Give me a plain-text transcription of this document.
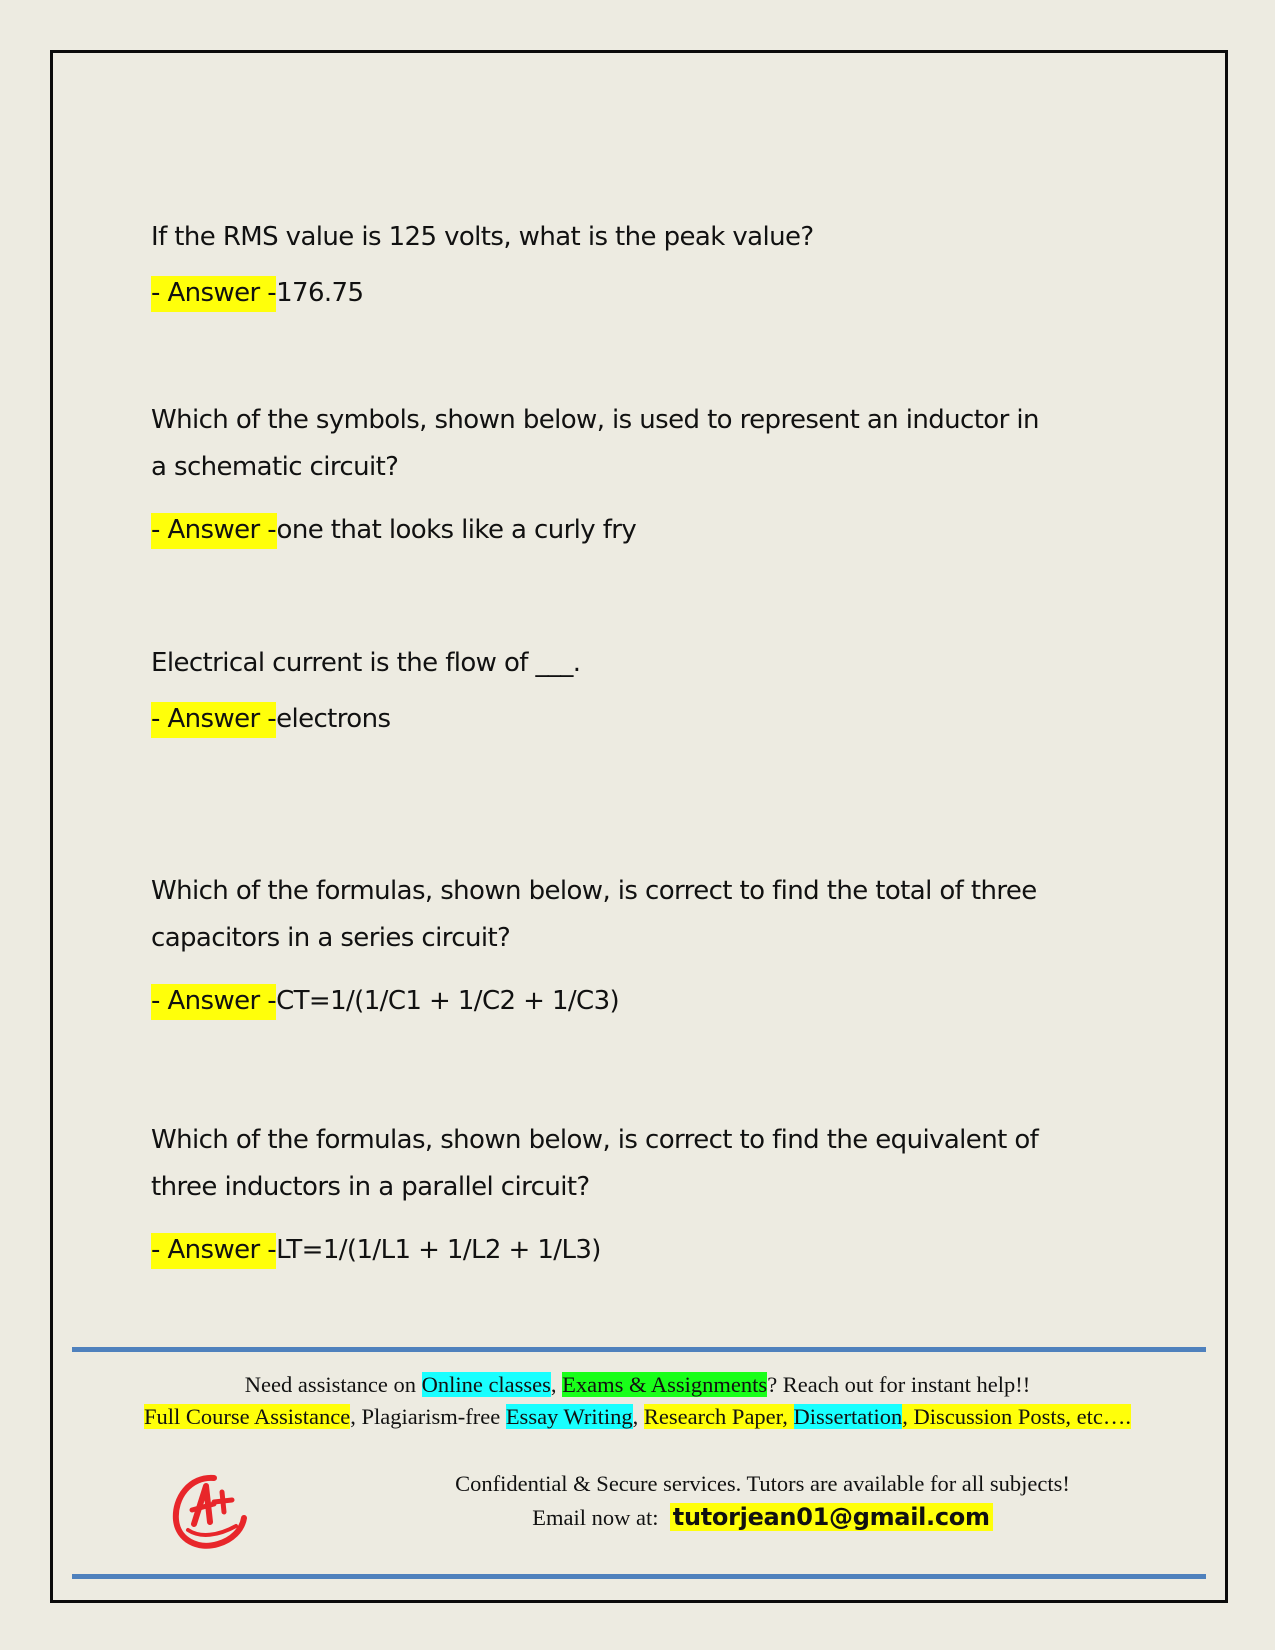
If the RMS value is 125 volts, what is the peak value?

- Answer -176.75

Which of the symbols, shown below, is used to represent an inductor in

a schematic circuit?

- Answer -one that looks like a curly fry

Electrical current is the flow of ___.

- Answer -electrons

Which of the formulas, shown below, is correct to find the total of three

capacitors in a series circuit?

- Answer -CT=1/(1/C1 + 1/C2 + 1/C3)

Which of the formulas, shown below, is correct to find the equivalent of

three inductors in a parallel circuit?

- Answer -LT=1/(1/L1 + 1/L2 + 1/L3)

Need assistance on Online classes, Exams & Assignments? Reach out for instant help!!
Full Course Assistance, Plagiarism-free Essay Writing, Research Paper, Dissertation, Discussion Posts, etc….
Confidential & Secure services. Tutors are available for all subjects!
Email now at:  tutorjean01@gmail.com
